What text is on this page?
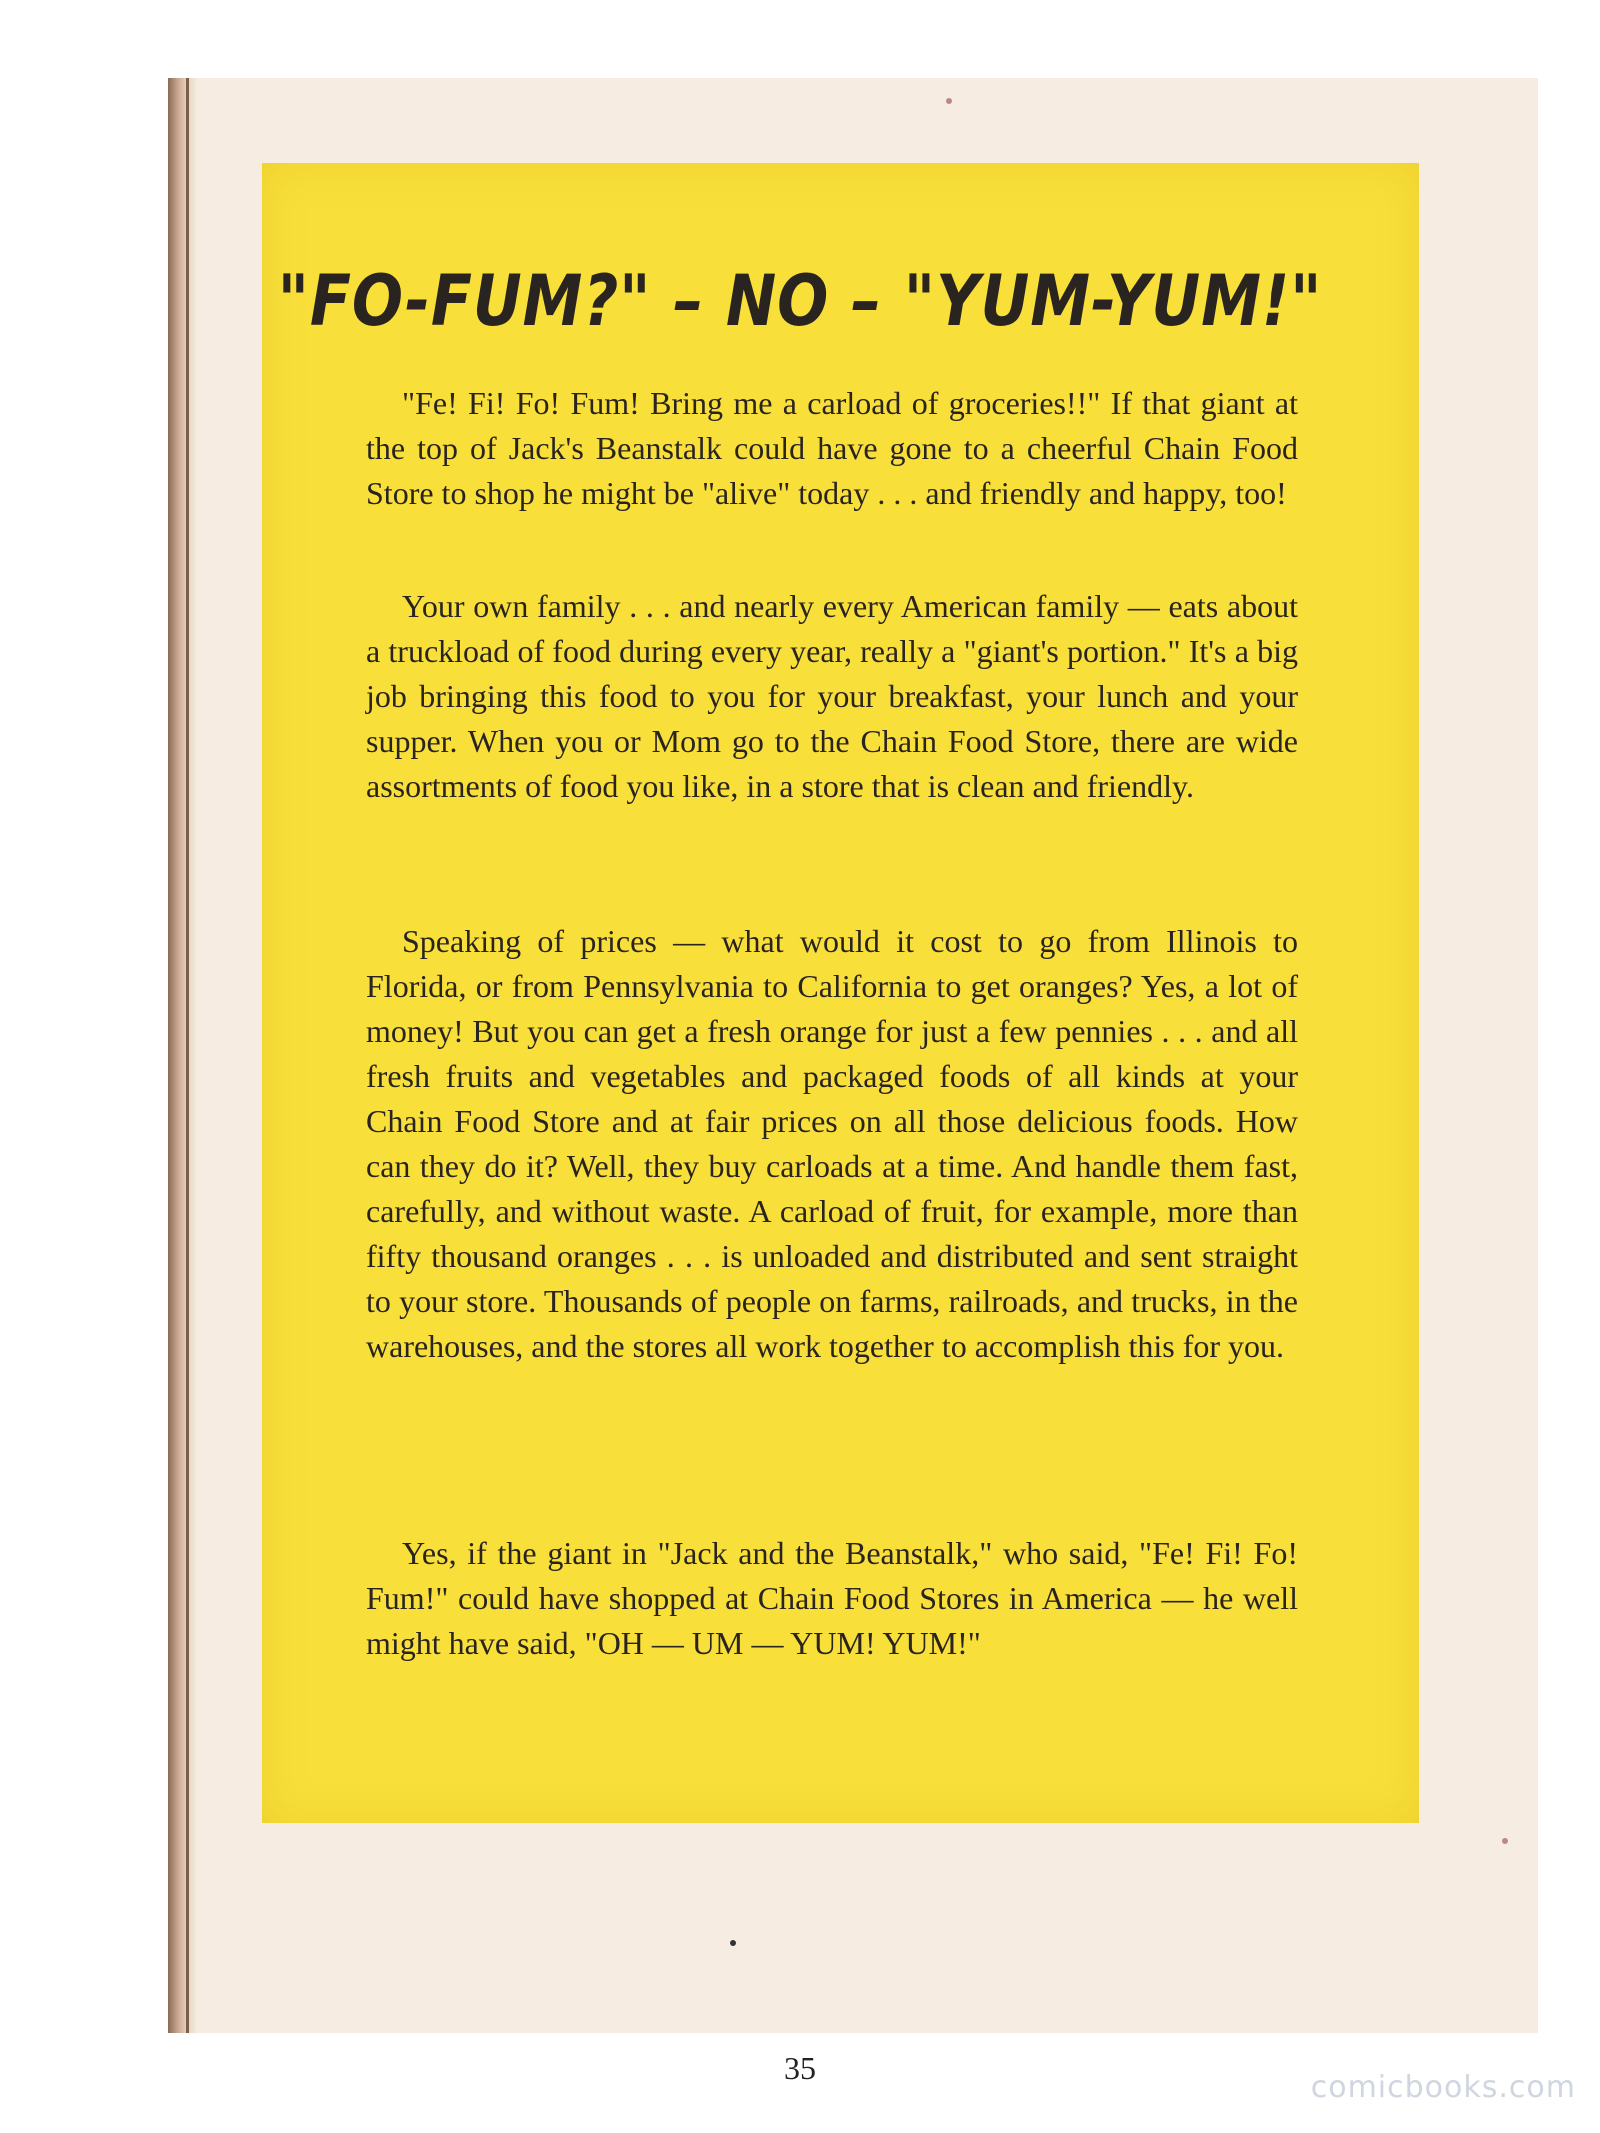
"FO-FUM?" – NO – "YUM-YUM!"

"Fe! Fi! Fo! Fum! Bring me a carload of groceries!!" If that giant at the top of Jack's Beanstalk could have gone to a cheerful Chain Food Store to shop he might be "alive" today . . . and friendly and happy, too!

Your own family . . . and nearly every American family — eats about a truckload of food during every year, really a "giant's portion." It's a big job bringing this food to you for your breakfast, your lunch and your supper. When you or Mom go to the Chain Food Store, there are wide assortments of food you like, in a store that is clean and friendly.

Speaking of prices — what would it cost to go from Illinois to Florida, or from Pennsylvania to California to get oranges? Yes, a lot of money! But you can get a fresh orange for just a few pennies . . . and all fresh fruits and vegetables and packaged foods of all kinds at your Chain Food Store and at fair prices on all those delicious foods. How can they do it? Well, they buy carloads at a time. And handle them fast, carefully, and without waste. A carload of fruit, for example, more than fifty thousand oranges . . . is unloaded and distributed and sent straight to your store. Thousands of people on farms, railroads, and trucks, in the warehouses, and the stores all work together to accomplish this for you.

Yes, if the giant in "Jack and the Beanstalk," who said, "Fe! Fi! Fo! Fum!" could have shopped at Chain Food Stores in America — he well might have said, "OH — UM — YUM! YUM!"

35
comicbooks.com
